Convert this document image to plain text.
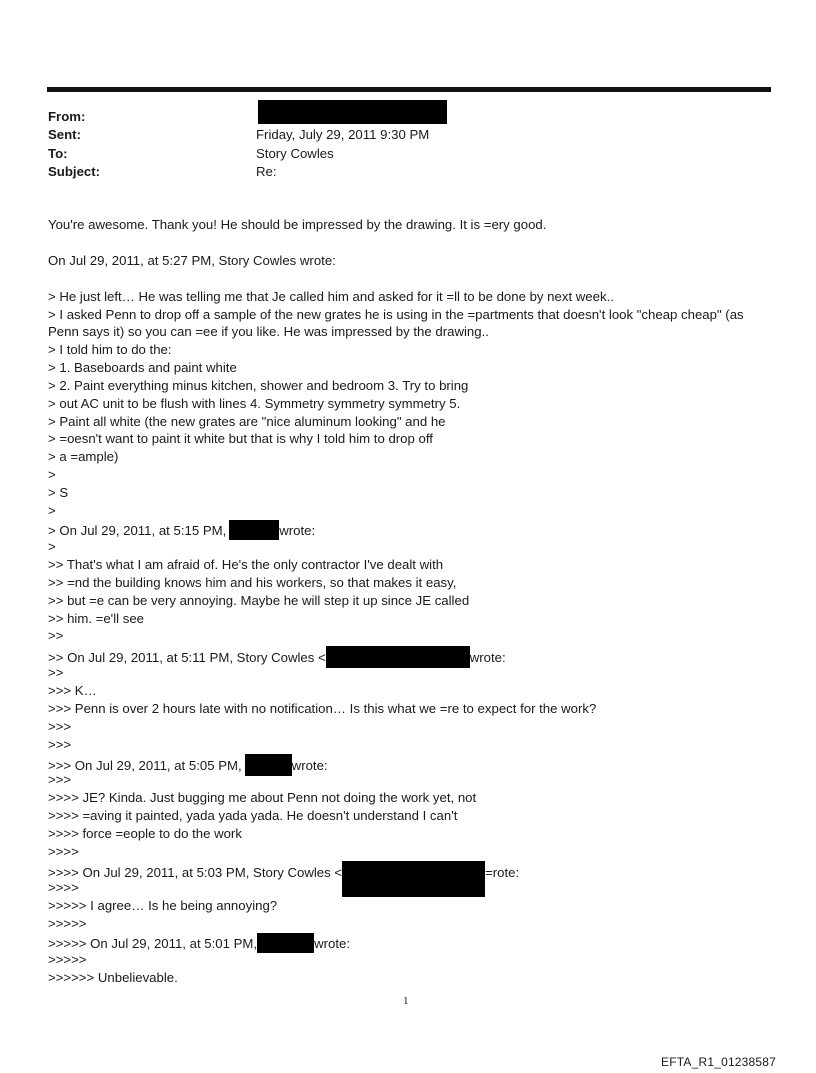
From:
Sent:	Friday, July 29, 2011 9:30 PM
To:	Story Cowles
Subject:	Re:
You're awesome. Thank you! He should be impressed by the drawing. It is =ery good.
On Jul 29, 2011, at 5:27 PM, Story Cowles wrote:
> He just left… He was telling me that Je called him and asked for it =ll to be done by next week..
> I asked Penn to drop off a sample of the new grates he is using in the =partments that doesn't look "cheap cheap" (as
Penn says it) so you can =ee if you like. He was impressed by the drawing..
> I told him to do the:
> 1. Baseboards and paint white
> 2. Paint everything minus kitchen, shower and bedroom 3. Try to bring
> out AC unit to be flush with lines 4. Symmetry symmetry symmetry 5.
> Paint all white (the new grates are "nice aluminum looking" and he
> =oesn't want to paint it white but that is why I told him to drop off
> a =ample)
>
> S
>
> On Jul 29, 2011, at 5:15 PM,	wrote:
>
>> That's what I am afraid of. He's the only contractor I've dealt with
>> =nd the building knows him and his workers, so that makes it easy,
>> but =e can be very annoying. Maybe he will step it up since JE called
>> him. =e'll see
>>
>> On Jul 29, 2011, at 5:11 PM, Story Cowles <	wrote:
>>
>>> K…
>>> Penn is over 2 hours late with no notification… Is this what we =re to expect for the work?
>>>
>>>
>>> On Jul 29, 2011, at 5:05 PM,	wrote:
>>>
>>>> JE? Kinda. Just bugging me about Penn not doing the work yet, not
>>>> =aving it painted, yada yada yada. He doesn't understand I can't
>>>> force =eople to do the work
>>>>
>>>> On Jul 29, 2011, at 5:03 PM, Story Cowles <	=rote:
>>>>
>>>>> I agree… Is he being annoying?
>>>>>
>>>>> On Jul 29, 2011, at 5:01 PM,	wrote:
>>>>>
>>>>>> Unbelievable.
1
EFTA_R1_01238587
